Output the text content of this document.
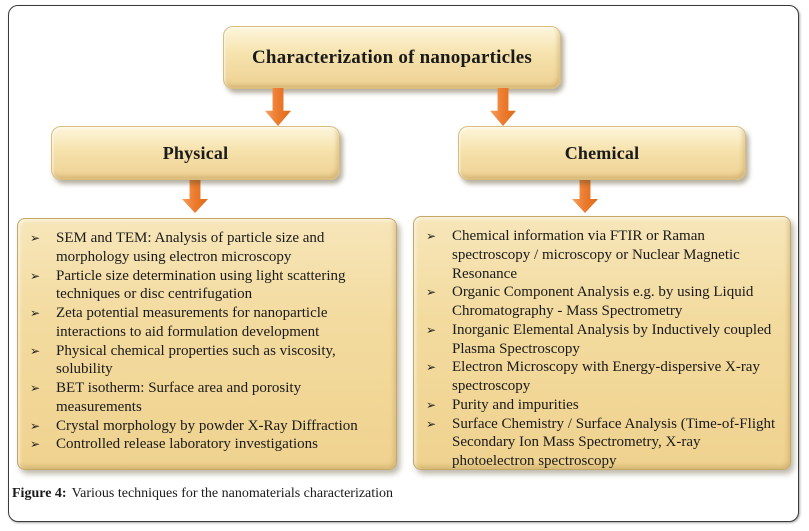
Characterization of nanoparticles
Physical	Chemical
➢	SEM and TEM: Analysis of particle size and morphology using electron microscopy
➢	Particle size determination using light scattering techniques or disc centrifugation
➢	Zeta potential measurements for nanoparticle interactions to aid formulation development
➢	Physical chemical properties such as viscosity, solubility
➢	BET isotherm: Surface area and porosity measurements
➢	Crystal morphology by powder X-Ray Diffraction
➢	Controlled release laboratory investigations
➢	Chemical information via FTIR or Raman spectroscopy / microscopy or Nuclear Magnetic Resonance
➢	Organic Component Analysis e.g. by using Liquid Chromatography - Mass Spectrometry
➢	Inorganic Elemental Analysis by Inductively coupled Plasma Spectroscopy
➢	Electron Microscopy with Energy-dispersive X-ray spectroscopy
➢	Purity and impurities
➢	Surface Chemistry / Surface Analysis (Time-of-Flight Secondary Ion Mass Spectrometry, X-ray photoelectron spectroscopy

Figure 4: Various techniques for the nanomaterials characterization
